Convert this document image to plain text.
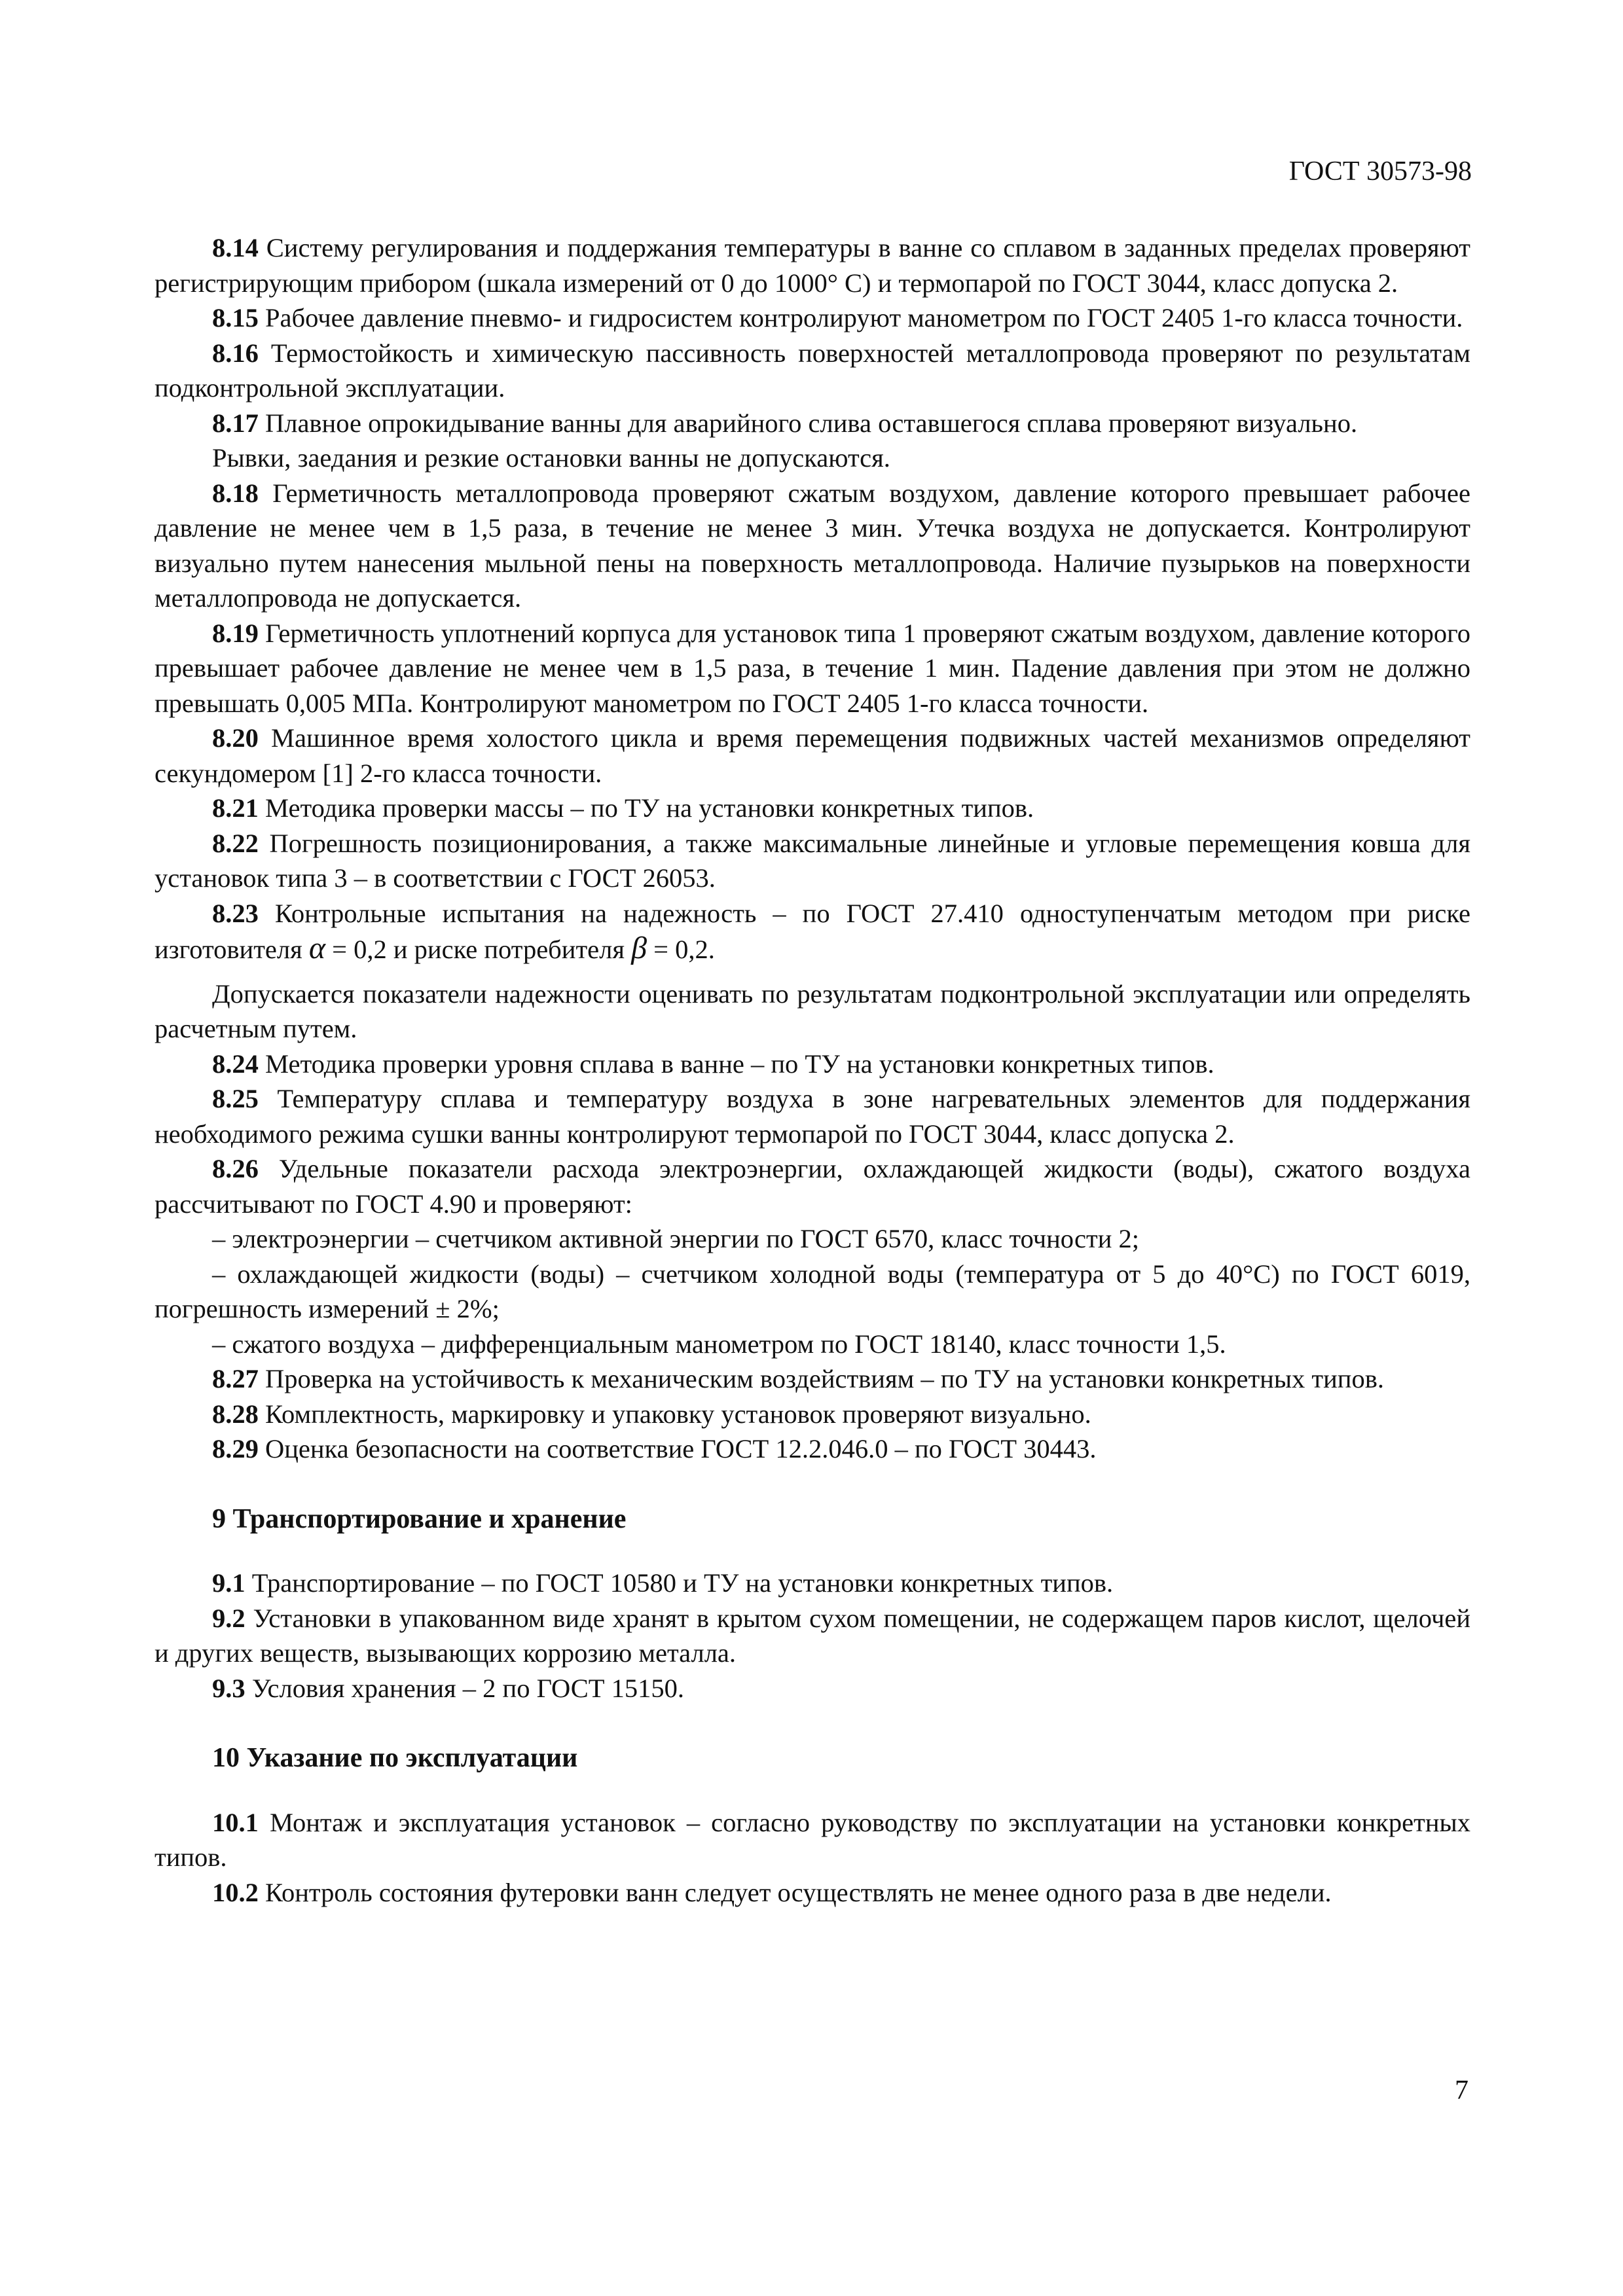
ГОСТ 30573-98

8.14 Систему регулирования и поддержания температуры в ванне со сплавом в заданных пределах проверяют регистрирующим прибором (шкала измерений от 0 до 1000° С) и термопарой по ГОСТ 3044, класс допуска 2.

8.15 Рабочее давление пневмо- и гидросистем контролируют манометром по ГОСТ 2405 1-го класса точности.

8.16 Термостойкость и химическую пассивность поверхностей металлопровода проверяют по результатам подконтрольной эксплуатации.

8.17 Плавное опрокидывание ванны для аварийного слива оставшегося сплава проверяют визуально.

Рывки, заедания и резкие остановки ванны не допускаются.

8.18 Герметичность металлопровода проверяют сжатым воздухом, давление которого превышает рабочее давление не менее чем в 1,5 раза, в течение не менее 3 мин. Утечка воздуха не допускается. Контролируют визуально путем нанесения мыльной пены на поверхность металлопровода. Наличие пузырьков на поверхности металлопровода не допускается.

8.19 Герметичность уплотнений корпуса для установок типа 1 проверяют сжатым воздухом, давление которого превышает рабочее давление не менее чем в 1,5 раза, в течение 1 мин. Падение давления при этом не должно превышать 0,005 МПа. Контролируют манометром по ГОСТ 2405 1-го класса точности.

8.20 Машинное время холостого цикла и время перемещения подвижных частей механизмов определяют секундомером [1] 2-го класса точности.

8.21 Методика проверки массы – по ТУ на установки конкретных типов.

8.22 Погрешность позиционирования, а также максимальные линейные и угловые перемещения ковша для установок типа 3 – в соответствии с ГОСТ 26053.

8.23 Контрольные испытания на надежность – по ГОСТ 27.410 одноступенчатым методом при риске изготовителя α = 0,2 и риске потребителя β = 0,2.

Допускается показатели надежности оценивать по результатам подконтрольной эксплуатации или определять расчетным путем.

8.24 Методика проверки уровня сплава в ванне – по ТУ на установки конкретных типов.

8.25 Температуру сплава и температуру воздуха в зоне нагревательных элементов для поддержания необходимого режима сушки ванны контролируют термопарой по ГОСТ 3044, класс допуска 2.

8.26 Удельные показатели расхода электроэнергии, охлаждающей жидкости (воды), сжатого воздуха рассчитывают по ГОСТ 4.90 и проверяют:

– электроэнергии – счетчиком активной энергии по ГОСТ 6570, класс точности 2;

– охлаждающей жидкости (воды) – счетчиком холодной воды (температура от 5 до 40°С) по ГОСТ 6019, погрешность измерений ± 2%;

– сжатого воздуха – дифференциальным манометром по ГОСТ 18140, класс точности 1,5.

8.27 Проверка на устойчивость к механическим воздействиям – по ТУ на установки конкретных типов.

8.28 Комплектность, маркировку и упаковку установок проверяют визуально.

8.29 Оценка безопасности на соответствие ГОСТ 12.2.046.0 – по ГОСТ 30443.

9 Транспортирование и хранение

9.1 Транспортирование – по ГОСТ 10580 и ТУ на установки конкретных типов.

9.2 Установки в упакованном виде хранят в крытом сухом помещении, не содержащем паров кислот, щелочей и других веществ, вызывающих коррозию металла.

9.3 Условия хранения – 2 по ГОСТ 15150.

10 Указание по эксплуатации

10.1 Монтаж и эксплуатация установок – согласно руководству по эксплуатации на установки конкретных типов.

10.2 Контроль состояния футеровки ванн следует осуществлять не менее одного раза в две недели.

7
